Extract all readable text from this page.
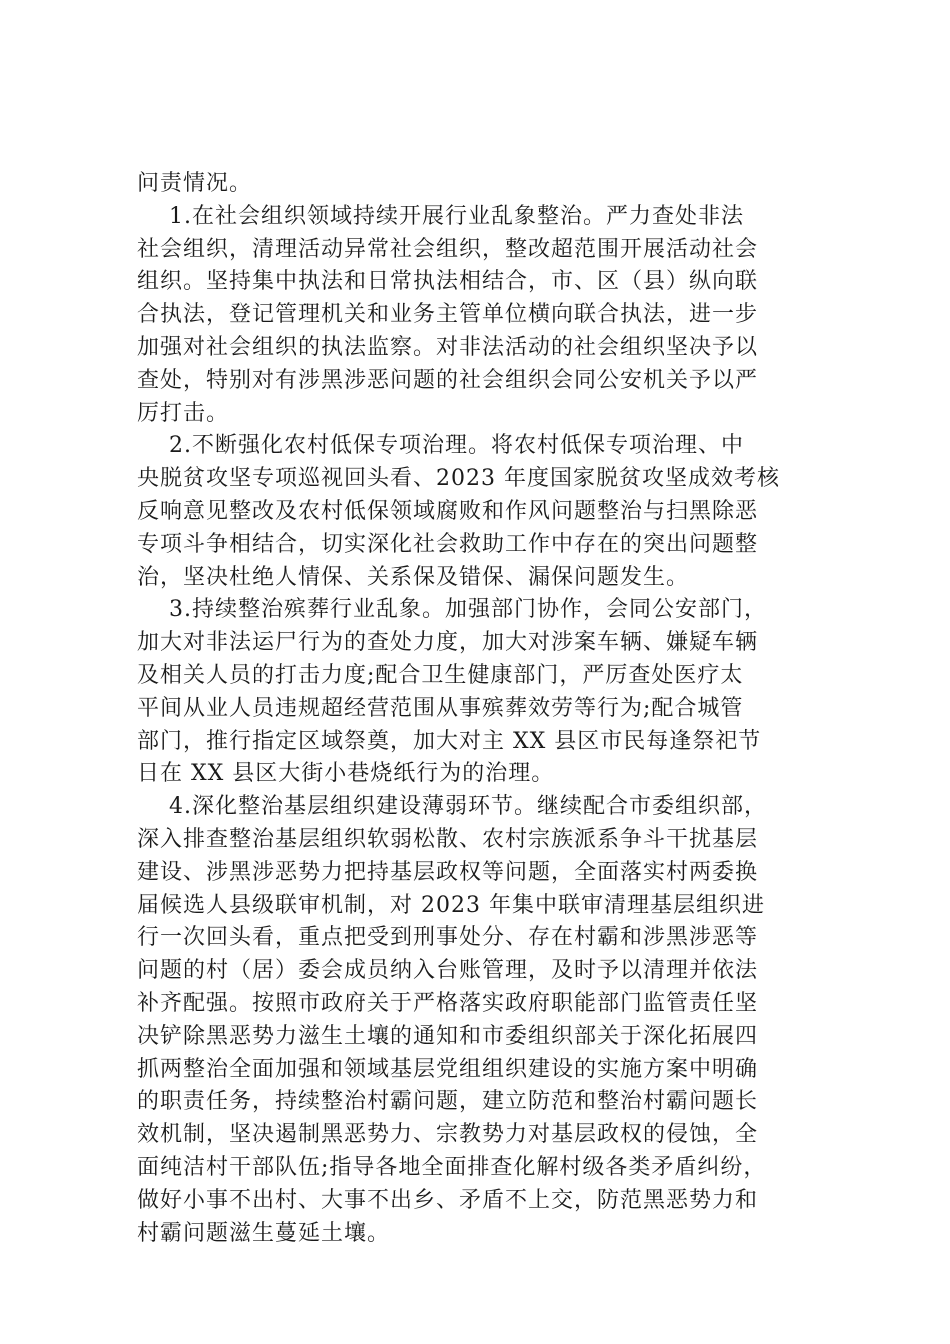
问责情况。
1.在社会组织领域持续开展行业乱象整治。严力查处非法
社会组织，清理活动异常社会组织，整改超范围开展活动社会
组织。坚持集中执法和日常执法相结合，市、区（县）纵向联
合执法，登记管理机关和业务主管单位横向联合执法，进一步
加强对社会组织的执法监察。对非法活动的社会组织坚决予以
查处，特别对有涉黑涉恶问题的社会组织会同公安机关予以严
厉打击。
2.不断强化农村低保专项治理。将农村低保专项治理、中
央脱贫攻坚专项巡视回头看、2023 年度国家脱贫攻坚成效考核
反响意见整改及农村低保领域腐败和作风问题整治与扫黑除恶
专项斗争相结合，切实深化社会救助工作中存在的突出问题整
治，坚决杜绝人情保、关系保及错保、漏保问题发生。
3.持续整治殡葬行业乱象。加强部门协作，会同公安部门，
加大对非法运尸行为的查处力度，加大对涉案车辆、嫌疑车辆
及相关人员的打击力度;配合卫生健康部门，严厉查处医疗太
平间从业人员违规超经营范围从事殡葬效劳等行为;配合城管
部门，推行指定区域祭奠，加大对主 XX 县区市民每逢祭祀节
日在 XX 县区大街小巷烧纸行为的治理。
4.深化整治基层组织建设薄弱环节。继续配合市委组织部，
深入排查整治基层组织软弱松散、农村宗族派系争斗干扰基层
建设、涉黑涉恶势力把持基层政权等问题，全面落实村两委换
届候选人县级联审机制，对 2023 年集中联审清理基层组织进
行一次回头看，重点把受到刑事处分、存在村霸和涉黑涉恶等
问题的村（居）委会成员纳入台账管理，及时予以清理并依法
补齐配强。按照市政府关于严格落实政府职能部门监管责任坚
决铲除黑恶势力滋生土壤的通知和市委组织部关于深化拓展四
抓两整治全面加强和领域基层党组组织建设的实施方案中明确
的职责任务，持续整治村霸问题，建立防范和整治村霸问题长
效机制，坚决遏制黑恶势力、宗教势力对基层政权的侵蚀，全
面纯洁村干部队伍;指导各地全面排查化解村级各类矛盾纠纷，
做好小事不出村、大事不出乡、矛盾不上交，防范黑恶势力和
村霸问题滋生蔓延土壤。
